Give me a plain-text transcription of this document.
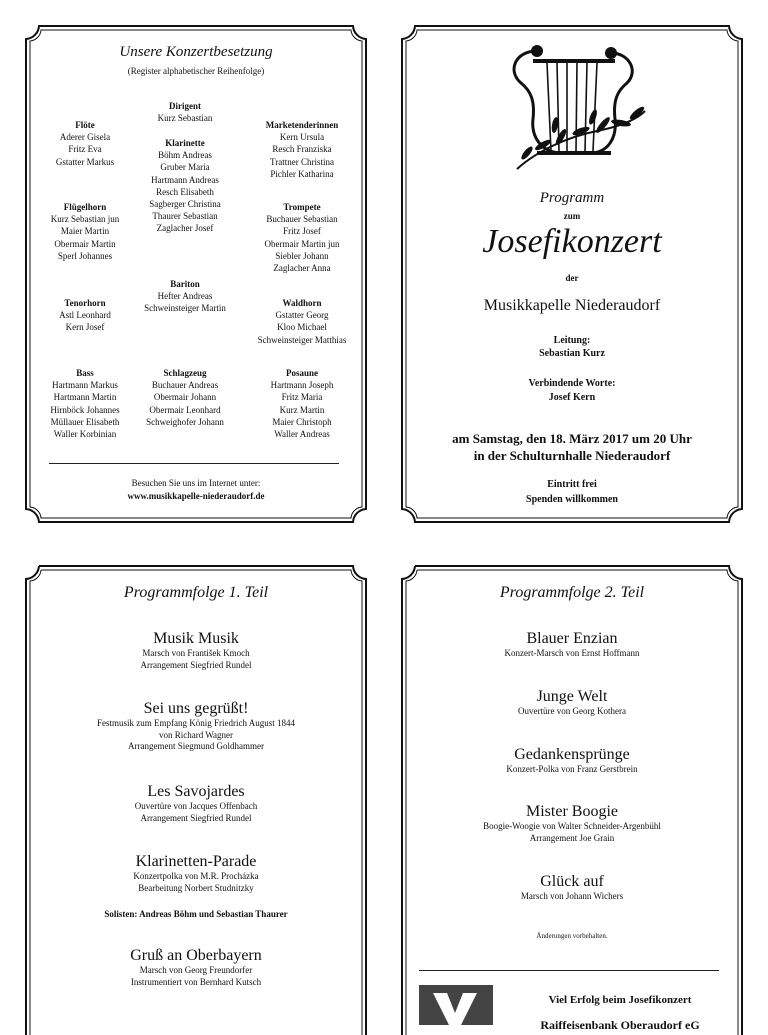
Unsere Konzertbesetzung
(Register alphabetischer Reihenfolge)
Dirigent
Kurz Sebastian
Flöte
Aderer Gisela
Fritz Eva
Gstatter Markus
Klarinette
Böhm Andreas
Gruber Maria
Hartmann Andreas
Resch Elisabeth
Sagberger Christina
Thaurer Sebastian
Zaglacher Josef
Marketenderinnen
Kern Ursula
Resch Franziska
Trattner Christina
Pichler Katharina
Flügelhorn
Kurz Sebastian jun
Maier Martin
Obermair Martin
Sperl Johannes
Trompete
Buchauer Sebastian
Fritz Josef
Obermair Martin jun
Siebler Johann
Zaglacher Anna
Bariton
Hefter Andreas
Schweinsteiger Martin
Tenorhorn
Astl Leonhard
Kern Josef
Waldhorn
Gstatter Georg
Kloo Michael
Schweinsteiger Matthias
Bass
Hartmann Markus
Hartmann Martin
Hirnböck Johannes
Müllauer Elisabeth
Waller Korbinian
Schlagzeug
Buchauer Andreas
Obermair Johann
Obermair Leonhard
Schweighofer Johann
Posaune
Hartmann Joseph
Fritz Maria
Kurz Martin
Maier Christoph
Waller Andreas
Besuchen Sie uns im Internet unter:
www.musikkapelle-niederaudorf.de
Programm
zum
Josefikonzert
der
Musikkapelle Niederaudorf
Leitung:
Sebastian Kurz
Verbindende Worte:
Josef Kern
am Samstag, den 18. März 2017 um 20 Uhr
in der Schulturnhalle Niederaudorf
Eintritt frei
Spenden willkommen
Programmfolge 1. Teil
Musik Musik
Marsch von František Kmoch
Arrangement Siegfried Rundel
Sei uns gegrüßt!
Festmusik zum Empfang König Friedrich August 1844
von Richard Wagner
Arrangement Siegmund Goldhammer
Les Savojardes
Ouvertüre von Jacques Offenbach
Arrangement Siegfried Rundel
Klarinetten-Parade
Konzertpolka von M.R. Procházka
Bearbeitung Norbert Studnitzky
Solisten: Andreas Böhm und Sebastian Thaurer
Gruß an Oberbayern
Marsch von Georg Freundorfer
Instrumentiert von Bernhard Kutsch
Programmfolge 2. Teil
Blauer Enzian
Konzert-Marsch von Ernst Hoffmann
Junge Welt
Ouvertüre von Georg Kothera
Gedankensprünge
Konzert-Polka von Franz Gerstbrein
Mister Boogie
Boogie-Woogie von Walter Schneider-Argenbühl
Arrangement Joe Grain
Glück auf
Marsch von Johann Wichers
Änderungen vorbehalten.
Viel Erfolg beim Josefikonzert
Raiffeisenbank Oberaudorf eG
